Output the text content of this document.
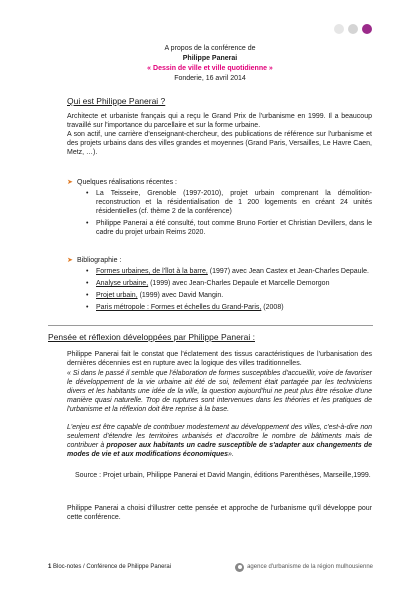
A propos de la conférence de
Philippe Panerai
« Dessin de ville et ville quotidienne »
Fonderie, 16 avril 2014
Qui est Philippe Panerai ?
Architecte et urbaniste français qui a reçu le Grand Prix de l'urbanisme en 1999. Il a beaucoup travaillé sur l'importance du parcellaire et sur la forme urbaine.
A son actif, une carrière d'enseignant-chercheur, des publications de référence sur l'urbanisme et des projets urbains dans des villes grandes et moyennes (Grand Paris, Versailles, Le Havre Caen, Metz, …).
➤ Quelques réalisations récentes :
• La Teisseire, Grenoble (1997-2010), projet urbain comprenant la démolition-reconstruction et la résidentialisation de 1 200 logements en créant 24 unités résidentielles (cf. thème 2 de la conférence)
• Philippe Panerai a été consulté, tout comme Bruno Fortier et Christian Devillers, dans le cadre du projet urbain Reims 2020.
➤ Bibliographie :
• Formes urbaines, de l'îlot à la barre, (1997) avec Jean Castex et Jean-Charles Depaule.
• Analyse urbaine, (1999) avec Jean-Charles Depaule et Marcelle Demorgon
• Projet urbain, (1999) avec David Mangin.
• Paris métropole : Formes et échelles du Grand-Paris, (2008)
Pensée et réflexion développées par Philippe Panerai :
Philippe Panerai fait le constat que l'éclatement des tissus caractéristiques de l'urbanisation des dernières décennies est en rupture avec la logique des villes traditionnelles.
« Si dans le passé il semble que l'élaboration de formes susceptibles d'accueillir, voire de favoriser le développement de la vie urbaine ait été de soi, tellement était partagée par les techniciens divers et les habitants une idée de la ville, la question aujourd'hui ne peut plus être résolue d'une manière quasi naturelle. Trop de ruptures sont intervenues dans les théories et les pratiques de l'urbanisme et la réflexion doit être reprise à la base.
L'enjeu est être capable de contribuer modestement au développement des villes, c'est-à-dire non seulement d'étendre les territoires urbanisés et d'accroître le nombre de bâtiments mais de contribuer à proposer aux habitants un cadre susceptible de s'adapter aux changements de modes de vie et aux modifications économiques».
Source : Projet urbain, Philippe Panerai et David Mangin, éditions Parenthèses, Marseille,1999.
Philippe Panerai a choisi d'illustrer cette pensée et approche de l'urbanisme qu'il développe pour cette conférence.
1 Bloc-notes / Conférence de Philippe Panerai	agence d'urbanisme de la région mulhousienne
